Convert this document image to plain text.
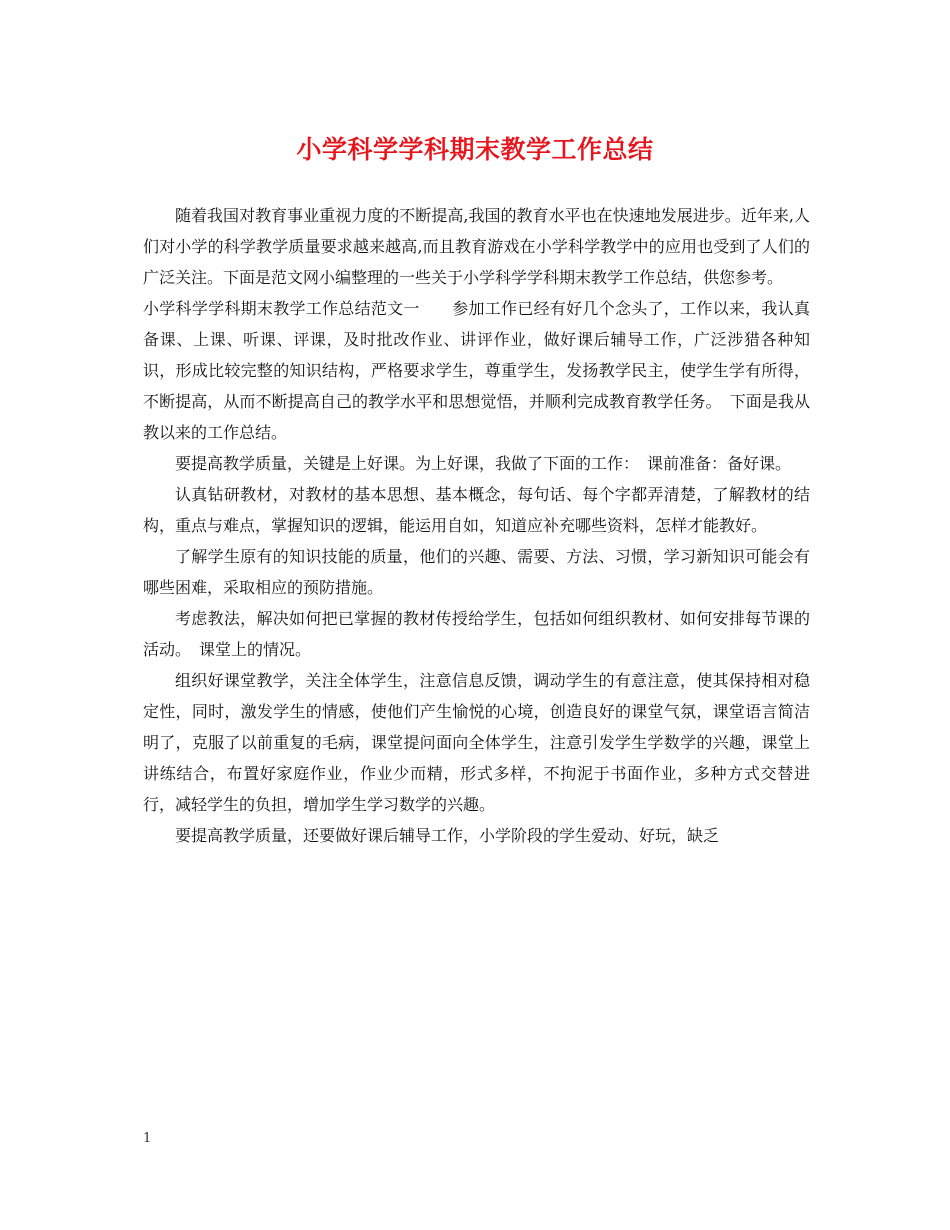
小学科学学科期末教学工作总结

随着我国对教育事业重视力度的不断提高,我国的教育水平也在快速地发展进步。近年来,人们对小学的科学教学质量要求越来越高,而且教育游戏在小学科学教学中的应用也受到了人们的广泛关注。下面是范文网小编整理的一些关于小学科学学科期末教学工作总结，供您参考。

小学科学学科期末教学工作总结范文一　　参加工作已经有好几个念头了，工作以来，我认真备课、上课、听课、评课，及时批改作业、讲评作业，做好课后辅导工作，广泛涉猎各种知识，形成比较完整的知识结构，严格要求学生，尊重学生，发扬教学民主，使学生学有所得，不断提高，从而不断提高自己的教学水平和思想觉悟，并顺利完成教育教学任务。　下面是我从教以来的工作总结。

要提高教学质量，关键是上好课。为上好课，我做了下面的工作：　课前准备：备好课。

认真钻研教材，对教材的基本思想、基本概念，每句话、每个字都弄清楚，了解教材的结构，重点与难点，掌握知识的逻辑，能运用自如，知道应补充哪些资料，怎样才能教好。

了解学生原有的知识技能的质量，他们的兴趣、需要、方法、习惯，学习新知识可能会有哪些困难，采取相应的预防措施。

考虑教法，解决如何把已掌握的教材传授给学生，包括如何组织教材、如何安排每节课的活动。　课堂上的情况。

组织好课堂教学，关注全体学生，注意信息反馈，调动学生的有意注意，使其保持相对稳定性，同时，激发学生的情感，使他们产生愉悦的心境，创造良好的课堂气氛，课堂语言简洁明了，克服了以前重复的毛病，课堂提问面向全体学生，注意引发学生学数学的兴趣，课堂上讲练结合，布置好家庭作业，作业少而精，形式多样，不拘泥于书面作业，多种方式交替进行，减轻学生的负担，增加学生学习数学的兴趣。

要提高教学质量，还要做好课后辅导工作，小学阶段的学生爱动、好玩，缺乏

1
